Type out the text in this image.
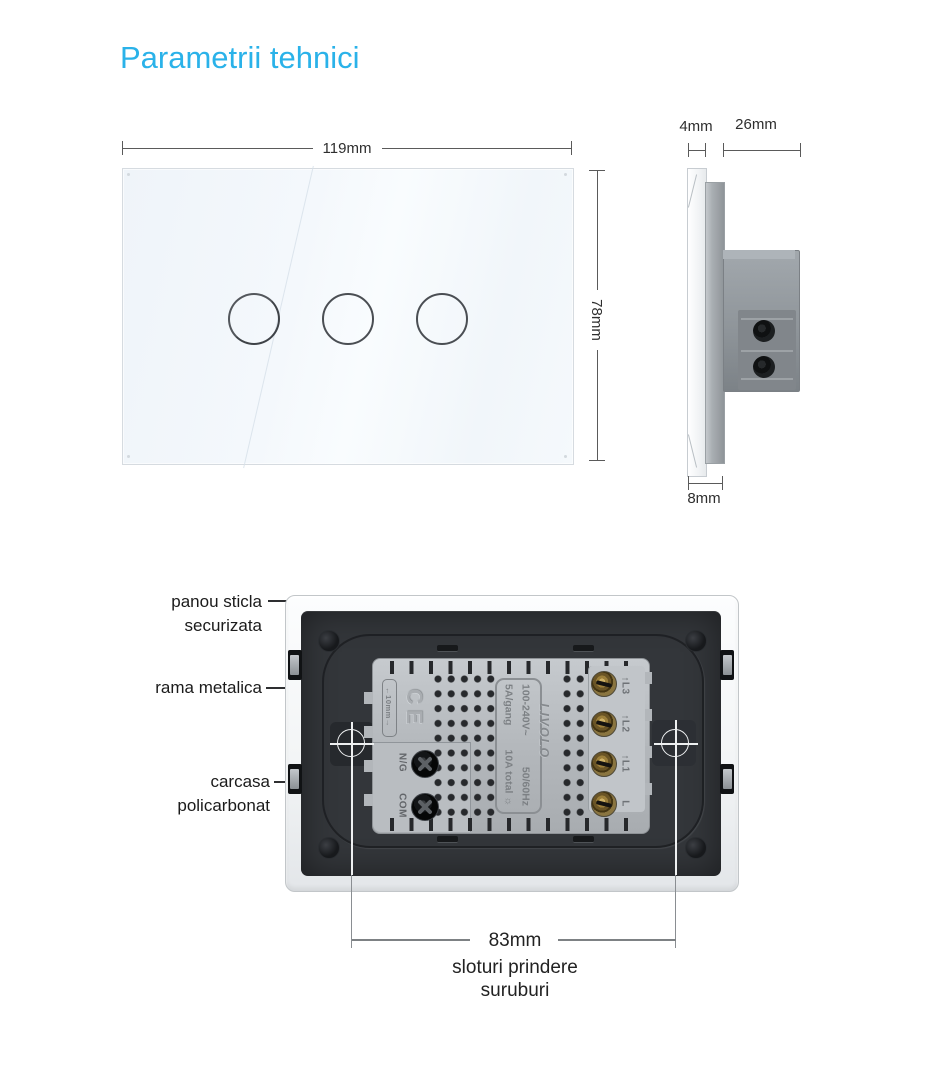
Parametrii tehnici
119mm
78mm
4mm	26mm
8mm
panou sticla
securizata
rama metalica
carcasa
policarbonat
←10mm→ CE	100-240V~
50/60Hz
5A/gang
10A total ☼
LIVOLO
↑L3
↑L2
↑L1
L
N/G
COM
83mm
sloturi prindere
suruburi
